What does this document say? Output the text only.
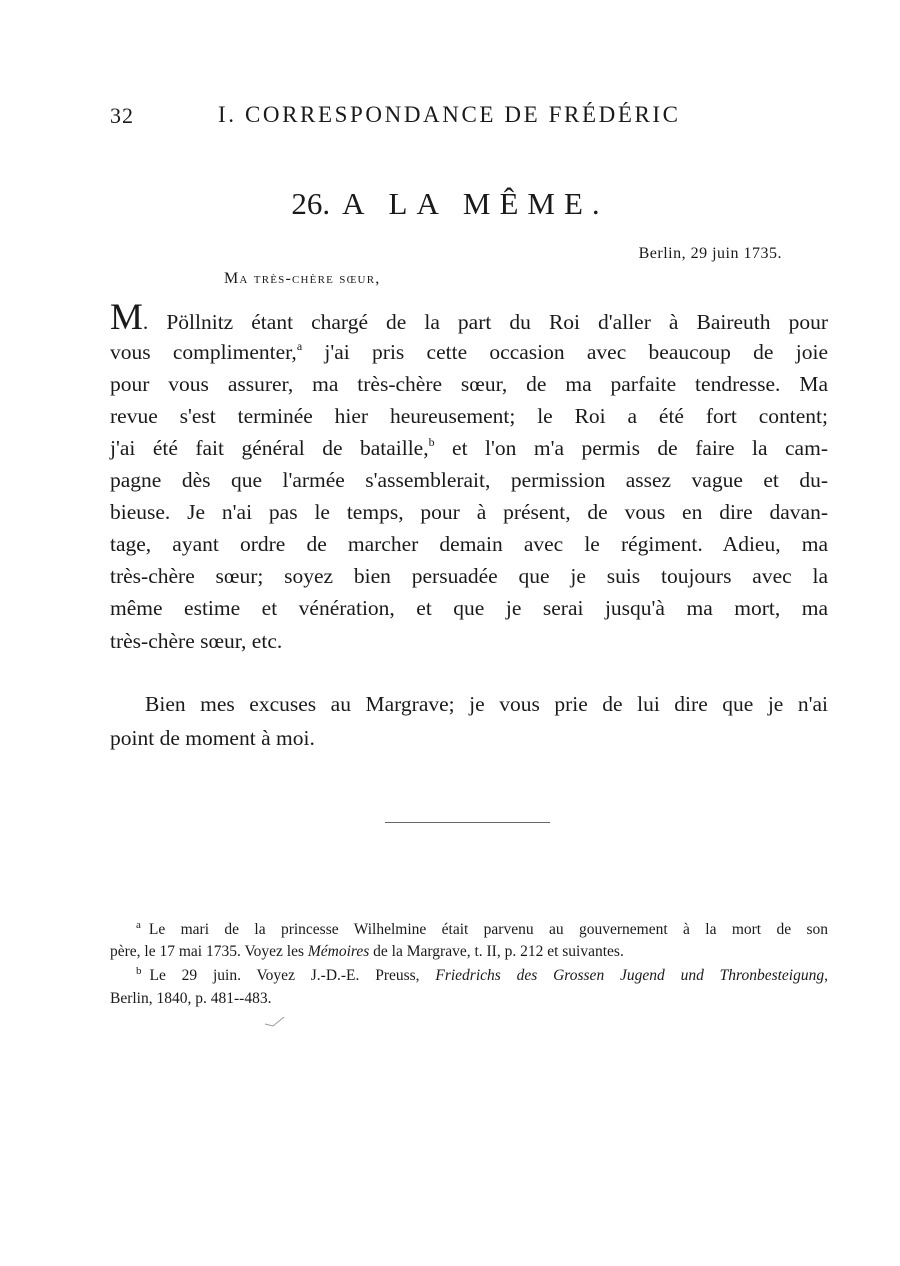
32	I. CORRESPONDANCE DE FRÉDÉRIC
26. A LA MÊME.
Berlin, 29 juin 1735.
Ma très-chère sœur,
M. Pöllnitz étant chargé de la part du Roi d'aller à Baireuth pour
vous complimenter,$^a$ j'ai pris cette occasion avec beaucoup de joie
pour vous assurer, ma très-chère sœur, de ma parfaite tendresse. Ma
revue s'est terminée hier heureusement; le Roi a été fort content;
j'ai été fait général de bataille,$^b$ et l'on m'a permis de faire la cam-
pagne dès que l'armée s'assemblerait, permission assez vague et du-
bieuse. Je n'ai pas le temps, pour à présent, de vous en dire davan-
tage, ayant ordre de marcher demain avec le régiment. Adieu, ma
très-chère sœur; soyez bien persuadée que je suis toujours avec la
même estime et vénération, et que je serai jusqu'à ma mort, ma
très-chère sœur, etc.
Bien mes excuses au Margrave; je vous prie de lui dire que je n'ai
point de moment à moi.
$^a$ Le mari de la princesse Wilhelmine était parvenu au gouvernement à la mort de son
père, le 17 mai 1735. Voyez les Mémoires de la Margrave, t. II, p. 212 et suivantes.
$^b$ Le 29 juin. Voyez J.-D.-E. Preuss, Friedrichs des Grossen Jugend und Thronbesteigung,
Berlin, 1840, p. 481--483.
